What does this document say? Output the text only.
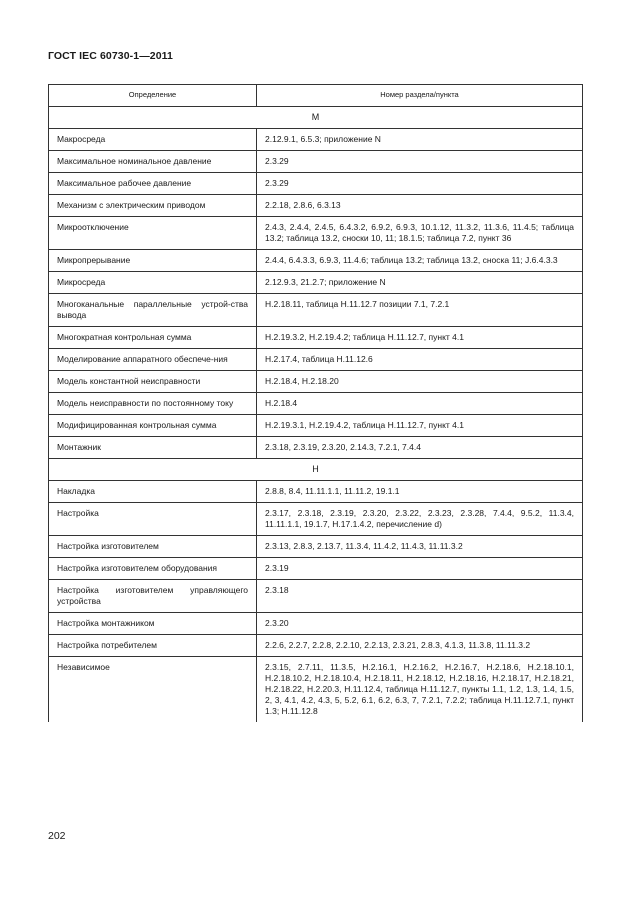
ГОСТ IEC 60730-1—2011
Определение	Номер раздела/пункта
М	
Макросреда	2.12.9.1, 6.5.3; приложение N
Максимальное номинальное давление	2.3.29
Максимальное рабочее давление	2.3.29
Механизм с электрическим приводом	2.2.18, 2.8.6, 6.3.13
Микроотключение	2.4.3, 2.4.4, 2.4.5, 6.4.3.2, 6.9.2, 6.9.3, 10.1.12, 11.3.2, 11.3.6, 11.4.5; таблица 13.2; таблица 13.2, сноски 10, 11; 18.1.5; таблица 7.2, пункт 36
Микропрерывание	2.4.4, 6.4.3.3, 6.9.3, 11.4.6; таблица 13.2; таблица 13.2, сноска 11; J.6.4.3.3
Микросреда	2.12.9.3, 21.2.7; приложение N
Многоканальные параллельные устрой-ства вывода	H.2.18.11, таблица H.11.12.7 позиции 7.1, 7.2.1
Многократная контрольная сумма	H.2.19.3.2, H.2.19.4.2; таблица H.11.12.7, пункт 4.1
Моделирование аппаратного обеспече-ния	H.2.17.4, таблица H.11.12.6
Модель константной неисправности	H.2.18.4, H.2.18.20
Модель неисправности по постоянному току	H.2.18.4
Модифицированная контрольная сумма	H.2.19.3.1, H.2.19.4.2, таблица H.11.12.7, пункт 4.1
Монтажник	2.3.18, 2.3.19, 2.3.20, 2.14.3, 7.2.1, 7.4.4
Н	
Накладка	2.8.8, 8.4, 11.11.1.1, 11.11.2, 19.1.1
Настройка	2.3.17, 2.3.18, 2.3.19, 2.3.20, 2.3.22, 2.3.23, 2.3.28, 7.4.4, 9.5.2, 11.3.4, 11.11.1.1, 19.1.7, H.17.1.4.2, перечисление d)
Настройка изготовителем	2.3.13, 2.8.3, 2.13.7, 11.3.4, 11.4.2, 11.4.3, 11.11.3.2
Настройка изготовителем оборудования	2.3.19
Настройка изготовителем управляющего устройства	2.3.18
Настройка монтажником	2.3.20
Настройка потребителем	2.2.6, 2.2.7, 2.2.8, 2.2.10, 2.2.13, 2.3.21, 2.8.3, 4.1.3, 11.3.8, 11.11.3.2
Независимое	2.3.15, 2.7.11, 11.3.5, H.2.16.1, H.2.16.2, H.2.16.7, H.2.18.6, H.2.18.10.1, H.2.18.10.2, H.2.18.10.4, H.2.18.11, H.2.18.12, H.2.18.16, H.2.18.17, H.2.18.21, H.2.18.22, H.2.20.3, H.11.12.4, таблица H.11.12.7, пункты 1.1, 1.2, 1.3, 1.4, 1.5, 2, 3, 4.1, 4.2, 4.3, 5, 5.2, 6.1, 6.2, 6.3, 7, 7.2.1, 7.2.2; таблица H.11.12.7.1, пункт 1.3; H.11.12.8
202
